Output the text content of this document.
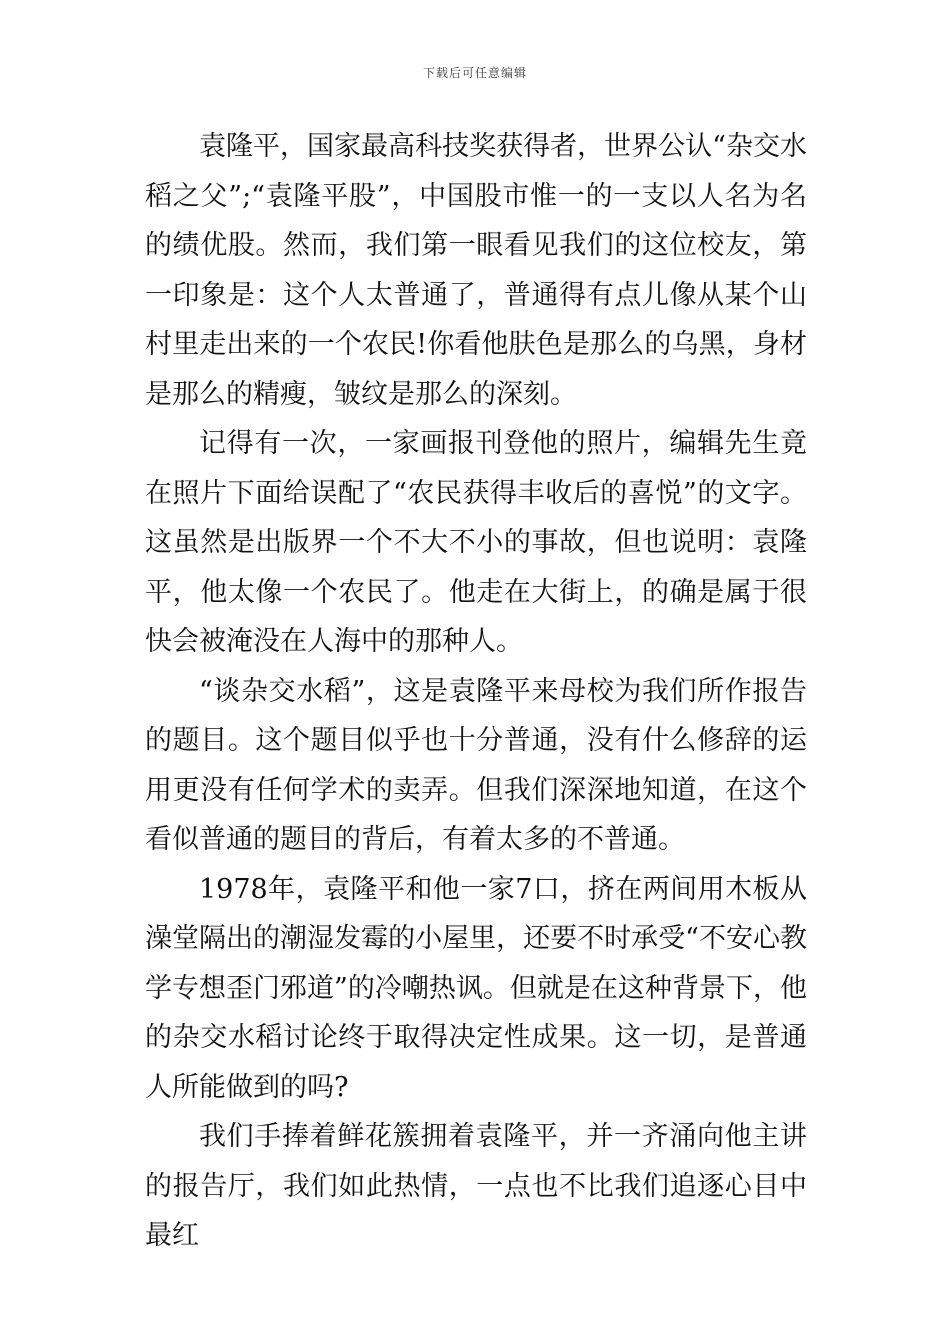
下载后可任意编辑

袁隆平，国家最高科技奖获得者，世界公认“杂交水稻之父”;“袁隆平股”，中国股市惟一的一支以人名为名的绩优股。然而，我们第一眼看见我们的这位校友，第一印象是：这个人太普通了，普通得有点儿像从某个山村里走出来的一个农民!你看他肤色是那么的乌黑，身材是那么的精瘦，皱纹是那么的深刻。

记得有一次，一家画报刊登他的照片，编辑先生竟在照片下面给误配了“农民获得丰收后的喜悦”的文字。这虽然是出版界一个不大不小的事故，但也说明：袁隆平，他太像一个农民了。他走在大街上，的确是属于很快会被淹没在人海中的那种人。

“谈杂交水稻”，这是袁隆平来母校为我们所作报告的题目。这个题目似乎也十分普通，没有什么修辞的运用更没有任何学术的卖弄。但我们深深地知道，在这个看似普通的题目的背后，有着太多的不普通。

1978年，袁隆平和他一家7口，挤在两间用木板从澡堂隔出的潮湿发霉的小屋里，还要不时承受“不安心教学专想歪门邪道”的冷嘲热讽。但就是在这种背景下，他的杂交水稻讨论终于取得决定性成果。这一切，是普通人所能做到的吗?

我们手捧着鲜花簇拥着袁隆平，并一齐涌向他主讲的报告厅，我们如此热情，一点也不比我们追逐心目中最红
